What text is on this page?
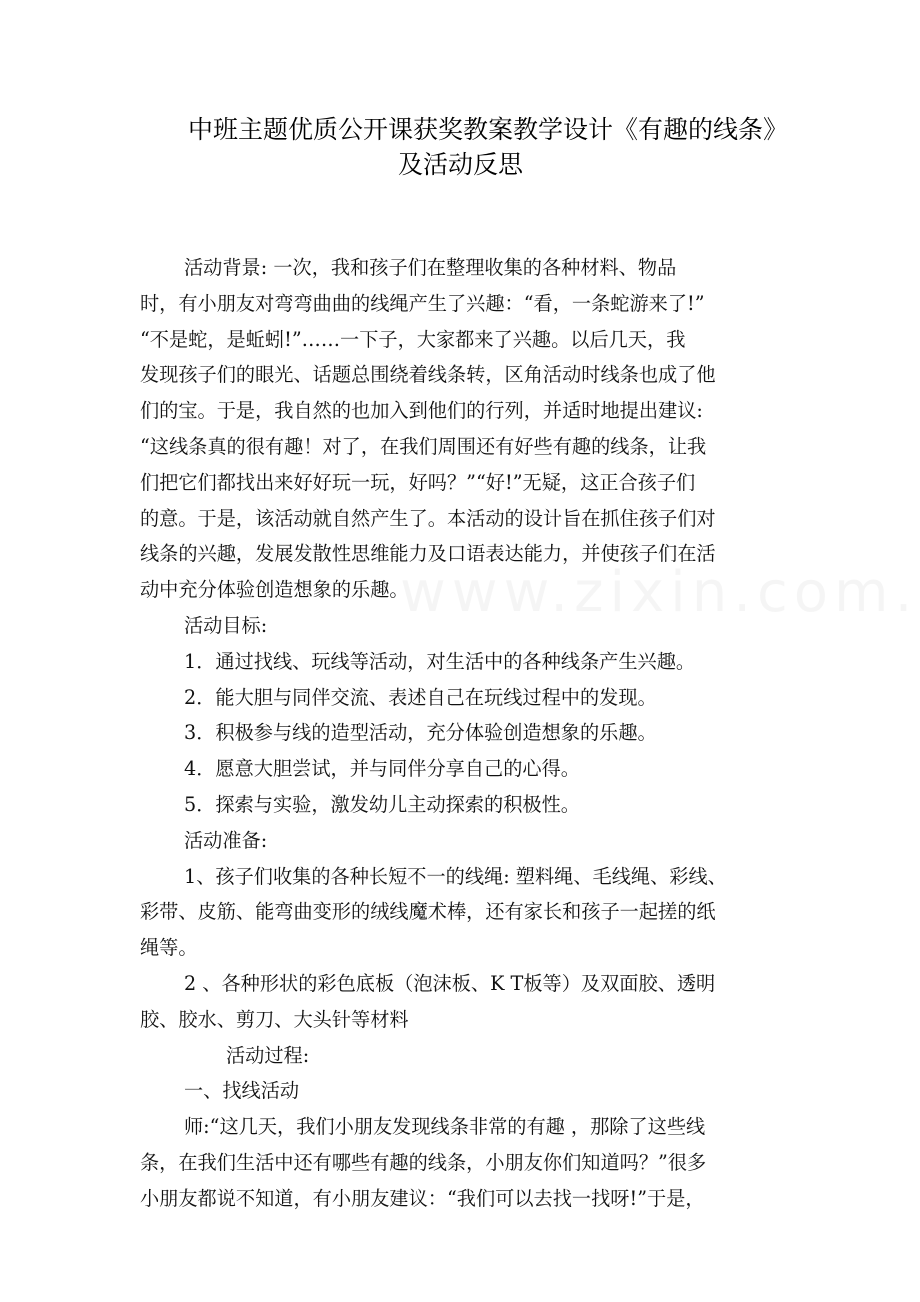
中班主题优质公开课获奖教案教学设计《有趣的线条》
及活动反思
活动背景: 一次，我和孩子们在整理收集的各种材料、物品
时，有小朋友对弯弯曲曲的线绳产生了兴趣：“看，一条蛇游来了!”
“不是蛇，是蚯蚓!”……一下子，大家都来了兴趣。以后几天，我
发现孩子们的眼光、话题总围绕着线条转，区角活动时线条也成了他
们的宝。于是，我自然的也加入到他们的行列，并适时地提出建议:
“这线条真的很有趣！对了，在我们周围还有好些有趣的线条，让我
们把它们都找出来好好玩一玩，好吗？”“好!”无疑，这正合孩子们
的意。于是，该活动就自然产生了。本活动的设计旨在抓住孩子们对
线条的兴趣，发展发散性思维能力及口语表达能力，并使孩子们在活
动中充分体验创造想象的乐趣。
活动目标:
1．通过找线、玩线等活动，对生活中的各种线条产生兴趣。
2．能大胆与同伴交流、表述自己在玩线过程中的发现。
3．积极参与线的造型活动，充分体验创造想象的乐趣。
4．愿意大胆尝试，并与同伴分享自己的心得。
5．探索与实验，激发幼儿主动探索的积极性。
活动准备:
1、孩子们收集的各种长短不一的线绳: 塑料绳、毛线绳、彩线、
彩带、皮筋、能弯曲变形的绒线魔术棒，还有家长和孩子一起搓的纸
绳等。
2 、各种形状的彩色底板（泡沫板、K T板等）及双面胶、透明
胶、胶水、剪刀、大头针等材料
活动过程:
一、找线活动
师:“这几天，我们小朋友发现线条非常的有趣 ，那除了这些线
条，在我们生活中还有哪些有趣的线条，小朋友你们知道吗？”很多
小朋友都说不知道，有小朋友建议：“我们可以去找一找呀!”于是，
